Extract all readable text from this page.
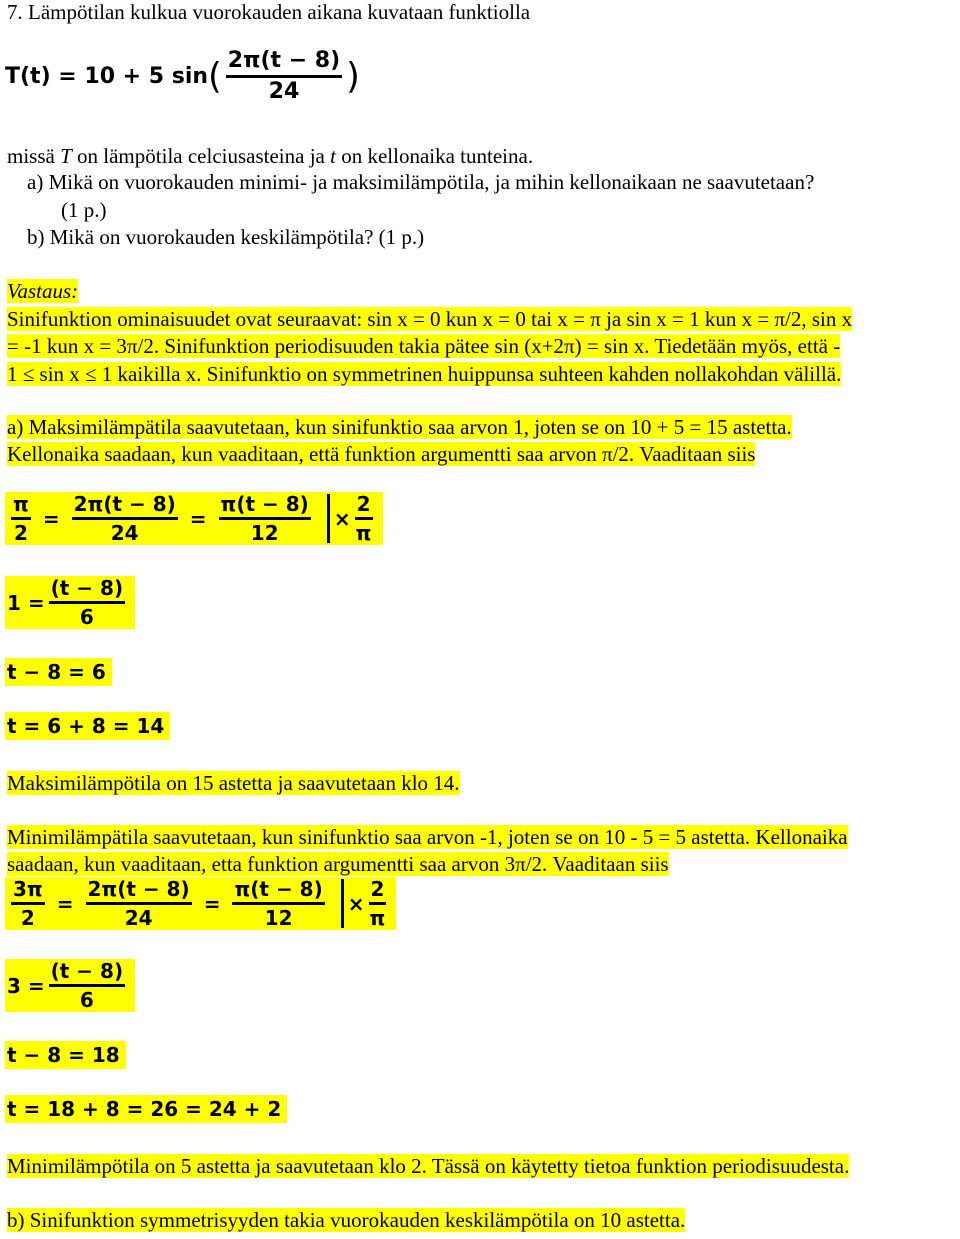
7. Lämpötilan kulkua vuorokauden aikana kuvataan funktiolla
T(t) = 10 + 5 sin ( $\frac{2\pi(t - 8)}{24}$ )
missä T on lämpötila celciusasteina ja t on kellonaika tunteina.
a) Mikä on vuorokauden minimi- ja maksimilämpötila, ja mihin kellonaikaan ne saavutetaan?
(1 p.)
b) Mikä on vuorokauden keskilämpötila? (1 p.)
Vastaus:
Sinifunktion ominaisuudet ovat seuraavat: sin x = 0 kun x = 0 tai x = π ja sin x = 1 kun x = π/2, sin x
= -1 kun x = 3π/2. Sinifunktion periodisuuden takia pätee sin (x+2π) = sin x. Tiedetään myös, että -
1 ≤ sin x ≤ 1 kaikilla x. Sinifunktio on symmetrinen huippunsa suhteen kahden nollakohdan välillä.
a) Maksimilämpätila saavutetaan, kun sinifunktio saa arvon 1, joten se on 10 + 5 = 15 astetta.
Kellonaika saadaan, kun vaaditaan, että funktion argumentti saa arvon π/2. Vaaditaan siis
$\frac{\pi}{2} = \frac{2\pi(t - 8)}{24} = \frac{\pi(t - 8)}{12} \times \frac{2}{\pi}$
$1 = \frac{(t - 8)}{6}$
t − 8 = 6
t = 6 + 8 = 14
Maksimilämpötila on 15 astetta ja saavutetaan klo 14.
Minimilämpätila saavutetaan, kun sinifunktio saa arvon -1, joten se on 10 - 5 = 5 astetta. Kellonaika
saadaan, kun vaaditaan, etta funktion argumentti saa arvon 3π/2. Vaaditaan siis
$\frac{3\pi}{2} = \frac{2\pi(t - 8)}{24} = \frac{\pi(t - 8)}{12} \times \frac{2}{\pi}$
$3 = \frac{(t - 8)}{6}$
t − 8 = 18
t = 18 + 8 = 26 = 24 + 2
Minimilämpötila on 5 astetta ja saavutetaan klo 2. Tässä on käytetty tietoa funktion periodisuudesta.
b) Sinifunktion symmetrisyyden takia vuorokauden keskilämpötila on 10 astetta.
